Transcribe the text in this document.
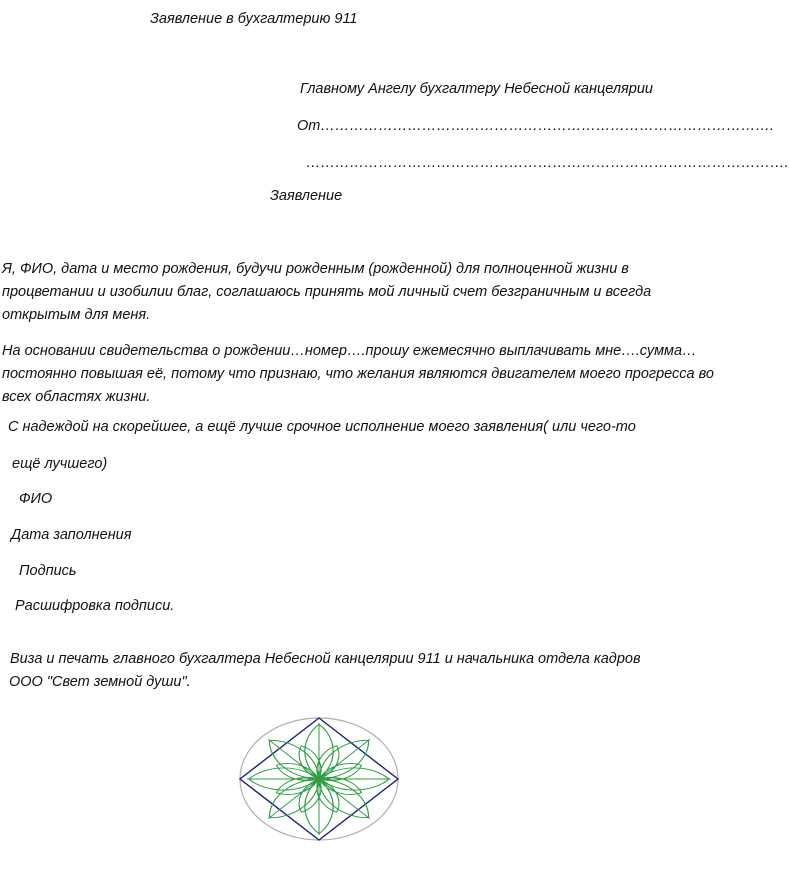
Заявление в бухгалтерию 911
Главному Ангелу бухгалтеру Небесной канцелярии
От………………………………………………………………………………….
……………………………………………………………………………………….
Заявление
Я, ФИО, дата и место рождения, будучи рожденным (рожденной) для полноценной жизни в процветании и изобилии благ, соглашаюсь принять мой личный счет безграничным и всегда открытым для меня.
На основании свидетельства о рождении…номер….прошу ежемесячно выплачивать мне….сумма…постоянно повышая её, потому что признаю, что желания являются двигателем моего прогресса во всех областях жизни.
С надеждой на скорейшее, а ещё лучше срочное исполнение моего заявления( или чего-то
ещё лучшего)
ФИО
Дата заполнения
Подпись
Расшифровка подписи.
Виза и печать главного бухгалтера Небесной канцелярии 911 и начальника отдела кадров
ООО "Свет земной души".
